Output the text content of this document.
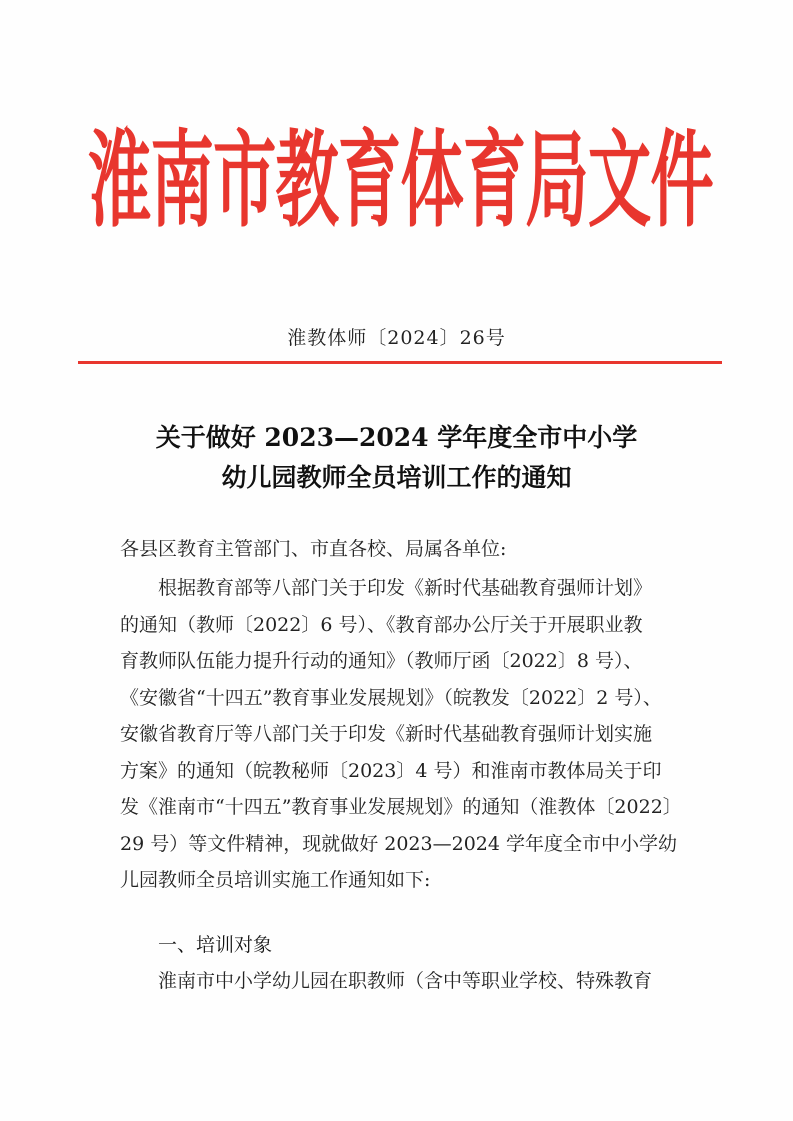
淮南市教育体育局文件
淮教体师〔2024〕26号
关于做好 2023—2024 学年度全市中小学
幼儿园教师全员培训工作的通知
各县区教育主管部门、市直各校、局属各单位:
根据教育部等八部门关于印发《新时代基础教育强师计划》
的通知（教师〔2022〕6 号）、《教育部办公厅关于开展职业教
育教师队伍能力提升行动的通知》（教师厅函〔2022〕8 号）、
《安徽省“十四五”教育事业发展规划》（皖教发〔2022〕2 号）、
安徽省教育厅等八部门关于印发《新时代基础教育强师计划实施
方案》的通知（皖教秘师〔2023〕4 号）和淮南市教体局关于印
发《淮南市“十四五”教育事业发展规划》的通知（淮教体〔2022〕
29 号）等文件精神，现就做好 2023—2024 学年度全市中小学幼
儿园教师全员培训实施工作通知如下:
一、培训对象
淮南市中小学幼儿园在职教师（含中等职业学校、特殊教育
